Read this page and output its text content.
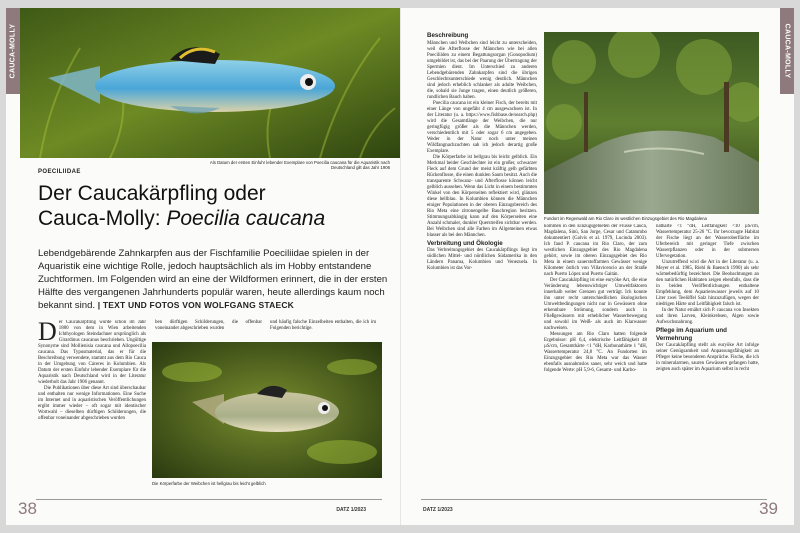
CAUCA-MOLLY
Als Datum der ersten Einfuhr lebender Exemplare von Poecilia caucana für die Aquaristik nach Deutschland gilt das Jahr 1906
POECILIIDAE
Der Caucakärpfling oder
Cauca-Molly: Poecilia caucana
Lebendgebärende Zahnkarpfen aus der Fischfamilie Poeciliidae spielen in der Aquaristik eine wichtige Rolle, jedoch hauptsächlich als im Hobby entstandene Zuchtformen. Im Folgenden wird an eine der Wildformen erinnert, die in der ersten Hälfte des vergangenen Jahrhunderts populär waren, heute allerdings kaum noch bekannt sind. | TEXT UND FOTOS VON WOLFGANG STAECK

Der Caucakärpfling wurde schon im Jahr 1880 von dem in Wien arbeitenden Ichthyologen Steindachner ursprünglich als Girardinus caucanus beschrieben. Ungültige Synonyme sind Mollienisia caucana und Allopoecilia caucana. Das Typusmaterial, das er für die Beschreibung verwendete, stammt aus dem Rio Cauca in der Umgebung von Cáceres in Kolumbien. Als Datum der ersten Einfuhr lebender Exemplare für die Aquaristik nach Deutschland wird in der Literatur wiederholt das Jahr 1906 genannt.

Die Publikationen über diese Art sind überschaubar und enthalten nur wenige Informationen. Eine Suche im Internet und in aquaristischen Veröffentlichungen ergibt immer wieder – oft sogar mit identischer Wortwahl – dieselben dürftigen Schilderungen, die offenbar voneinander abgeschrieben wurden

ben dürftigen Schilderungen, die offenbar voneinander abgeschrieben wurden

und häufig falsche Einzelheiten enthalten, die ich im Folgenden berichtige.

Die Körperfarbe der Weibchen ist hellgrau bis leicht gelblich
38	DATZ 1/2023
CAUCA-MOLLY

Beschreibung

Männchen und Weibchen sind leicht zu unterscheiden, weil die Afterflosse der Männchen wie bei allen Poeciliiden zu einem Begattungsorgan (Gonopodium) umgebildet ist, das bei der Paarung der Übertragung der Spermien dient. Im Unterschied zu anderen Lebendgebärenden Zahnkarpfen sind die übrigen Geschlechtsunterschiede wenig deutlich. Männchen sind jedoch erheblich schlanker als adulte Weibchen, die, sobald sie Junge tragen, einen deutlich größeren, rundlichen Bauch haben.

Poecilia caucana ist ein kleiner Fisch, der bereits mit einer Länge von ungefähr 4 cm ausgewachsen ist. In der Literatur (u. a. https://www.fishbase.de/search.php) wird die Gesamtlänge der Weibchen, die nur geringfügig größer als die Männchen werden, verschiedentlich mit 5 oder sogar 6 cm angegeben. Weder in der Natur noch unter meinen Wildfangnachzuchten sah ich jedoch derartig große Exemplare.

Die Körperfarbe ist hellgrau bis leicht gelblich. Ein Merkmal beider Geschlechter ist ein großer, schwarzer Fleck auf dem Grund der meist kräftig gelb gefärbten Rückenflosse, die einen dunklen Saum besitzt. Auch die transparente Schwanz- und Afterflosse können leicht gelblich aussehen. Wenn das Licht in einem bestimmten Winkel von den Körperseiten reflektiert wird, glänzen diese hellblau. In Kolumbien können die Männchen einiger Populationen in der oberen Einzugsbereich des Rio Meta eine zitronengelbe Bauchregion besitzen. Stimmungsabhängig kann auf den Körperseiten eine Anzahl schmaler, dunkler Querstreifen sichtbar werden. Bei Weibchen sind alle Farben im Allgemeinen etwas blasser als bei den Männchen.

Verbreitung und Ökologie

Das Verbreitungsgebiet des Caucakärpflings liegt im südlichen Mittel- und nördlichen Südamerika in den Ländern Panama, Kolumbien und Venezuela. In Kolumbien ist das Vor-

Fundort im Regenwald am Rio Claro im westlichen Einzugsgebiet des Rio Magdalena

kommen in den Einzugsgebieten der Flüsse Cauca, Magdalena, Sinú, San Jorge, Cesar und Catatumbo dokumentiert (Galvis et al. 1979, Lucinda 2003). Ich fand P. caucana im Rio Claro, der zum westlichen Einzugsgebiet des Rio Magdalena gehört, sowie im oberen Einzugsgebiet des Rio Meta in einem sauerstoffarmen Gewässer wenige Kilometer östlich von Villavicencio an der Straße nach Puerto López und Puerto Gaitán.

Der Caucakärpfling ist eine euryöke Art, die eine Veränderung lebenswichtiger Umweltfaktoren innerhalb weiter Grenzen gut verträgt. Ich konnte ihn unter recht unterschiedlichen ökologischen Umweltbedingungen nicht nur in Gewässern ohne erkennbare Strömung, sondern auch in Fließgewässern mit erheblicher Wasserbewegung und sowohl im Weiß- als auch im Klarwasser nachweisen.

Messungen am Rio Claro hatten folgende Ergebnisse: pH 6,4, elektrische Leitfähigkeit 48 µS/cm, Gesamthärte <1 °dH, Karbonathärte 1 °dH, Wassertemperatur 24,8 °C. An Fundorten im Einzugsgebiet des Rio Meta war das Wasser ebenfalls ausnahmslos sauer, sehr weich und hatte folgende Werte: pH 5,9-6, Gesamt- und Karbo-

nathärte <1 °dH, Leitfähigkeit <10 µS/cm, Wassertemperatur 25-26 °C. Ihr bevorzugte Habitat der Fische liegt an der Wasseroberfläche im Uferbereich mit geringer Tiefe zwischen Wasserpflanzen oder in der submersen Ufervegetation.

Unzutreffend wird die Art in der Literatur (u. a. Meyer et al. 1985, Riehl & Baensch 1990) als sehr wärmebedürftig bezeichnet. Die Beobachtungen an den natürlichen Habitaten zeigen ebenfalls, dass die in beiden Veröffentlichungen enthaltene Empfehlung, dem Aquarienwasser jeweils auf 10 Liter zwei Teelöffel Salz hinzuzufügen, wegen der niedrigen Härte und Leitfähigkeit falsch ist.

In der Natur ernährt sich P. caucana von Insekten und ihren Larven, Kleinkrebsen, Algen sowie Aufwuchsnahrung.

Pflege im Aquarium und Vermehrung

Der Caucakärpfling stellt als euryöke Art infolge seiner Genügsamkeit und Anpassungsfähigkeit an Pfleger keine besonderen Ansprüche. Fische, die ich in mineralarmen, sauren Gewässern gefangen hatte, zeigten auch später im Aquarium selbst in recht

39
DATZ 1/2023
